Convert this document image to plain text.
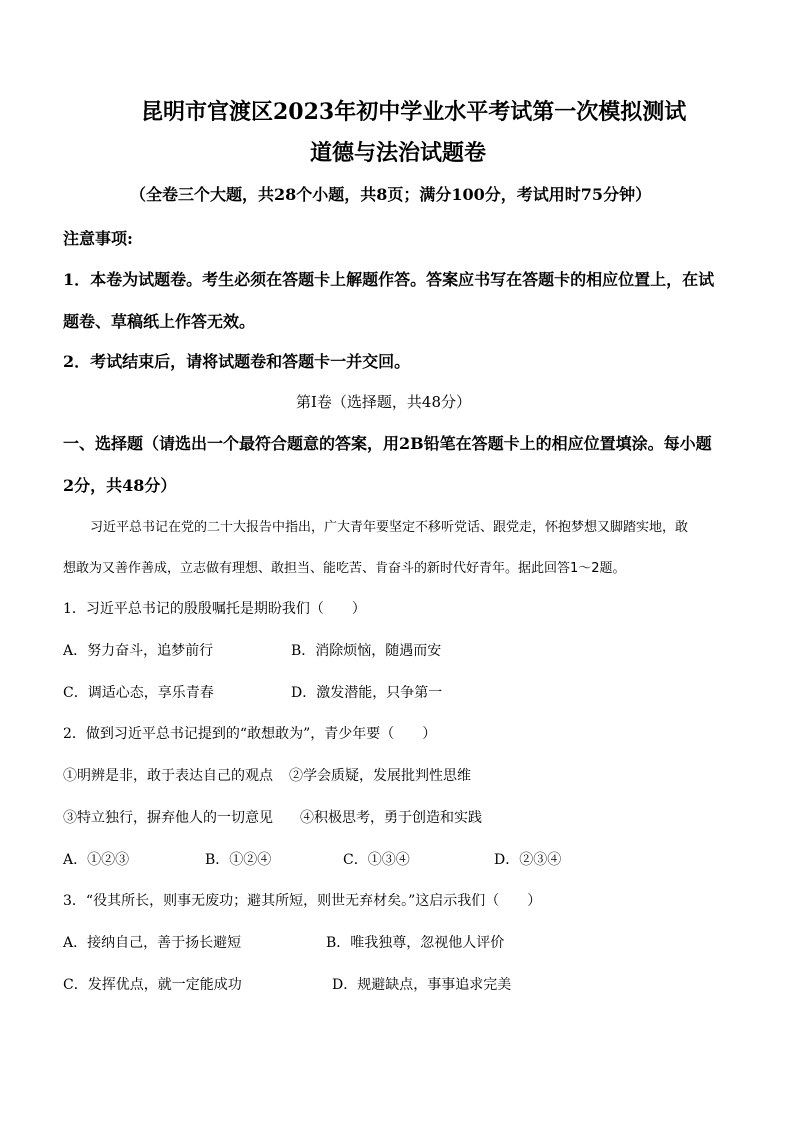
昆明市官渡区2023年初中学业水平考试第一次模拟测试
道德与法治试题卷
（全卷三个大题，共28个小题，共8页；满分100分，考试用时75分钟）
注意事项:
1．本卷为试题卷。考生必须在答题卡上解题作答。答案应书写在答题卡的相应位置上，在试
题卷、草稿纸上作答无效。
2．考试结束后，请将试题卷和答题卡一并交回。
第Ⅰ卷（选择题，共48分）
一、选择题（请选出一个最符合题意的答案，用2B铅笔在答题卡上的相应位置填涂。每小题
2分，共48分）
习近平总书记在党的二十大报告中指出，广大青年要坚定不移听党话、跟党走，怀抱梦想又脚踏实地，敢
想敢为又善作善成，立志做有理想、敢担当、能吃苦、肯奋斗的新时代好青年。据此回答1～2题。
1．习近平总书记的殷殷嘱托是期盼我们（　　）
A．努力奋斗，追梦前行	B．消除烦恼，随遇而安
C．调适心态，享乐青春	D．激发潜能，只争第一
2．做到习近平总书记提到的“敢想敢为”，青少年要（　　）
①明辨是非，敢于表达自己的观点 ②学会质疑，发展批判性思维
③特立独行，摒弃他人的一切意见 ④积极思考，勇于创造和实践
A．①②③	B．①②④	C．①③④	D．②③④
3．“役其所长，则事无废功；避其所短，则世无弃材矣。”这启示我们（　　）
A．接纳自己，善于扬长避短	B．唯我独尊，忽视他人评价
C．发挥优点，就一定能成功	D．规避缺点，事事追求完美
